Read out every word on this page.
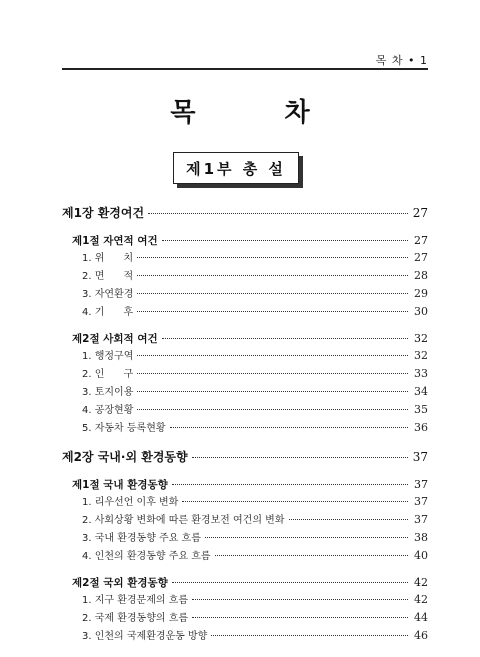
목 차 • 1
목 차
제1부 총 설
제1장 환경여건	27
제1절 자연적 여건	27
1. 위      치	27
2. 면      적	28
3. 자연환경	29
4. 기      후	30
제2절 사회적 여건	32
1. 행정구역	32
2. 인      구	33
3. 토지이용	34
4. 공장현황	35
5. 자동차 등록현황	36
제2장 국내·외 환경동향	37
제1절 국내 환경동향	37
1. 리우선언 이후 변화	37
2. 사회상황 변화에 따른 환경보전 여건의 변화	37
3. 국내 환경동향 주요 흐름	38
4. 인천의 환경동향 주요 흐름	40
제2절 국외 환경동향	42
1. 지구 환경문제의 흐름	42
2. 국제 환경동향의 흐름	44
3. 인천의 국제환경운동 방향	46
